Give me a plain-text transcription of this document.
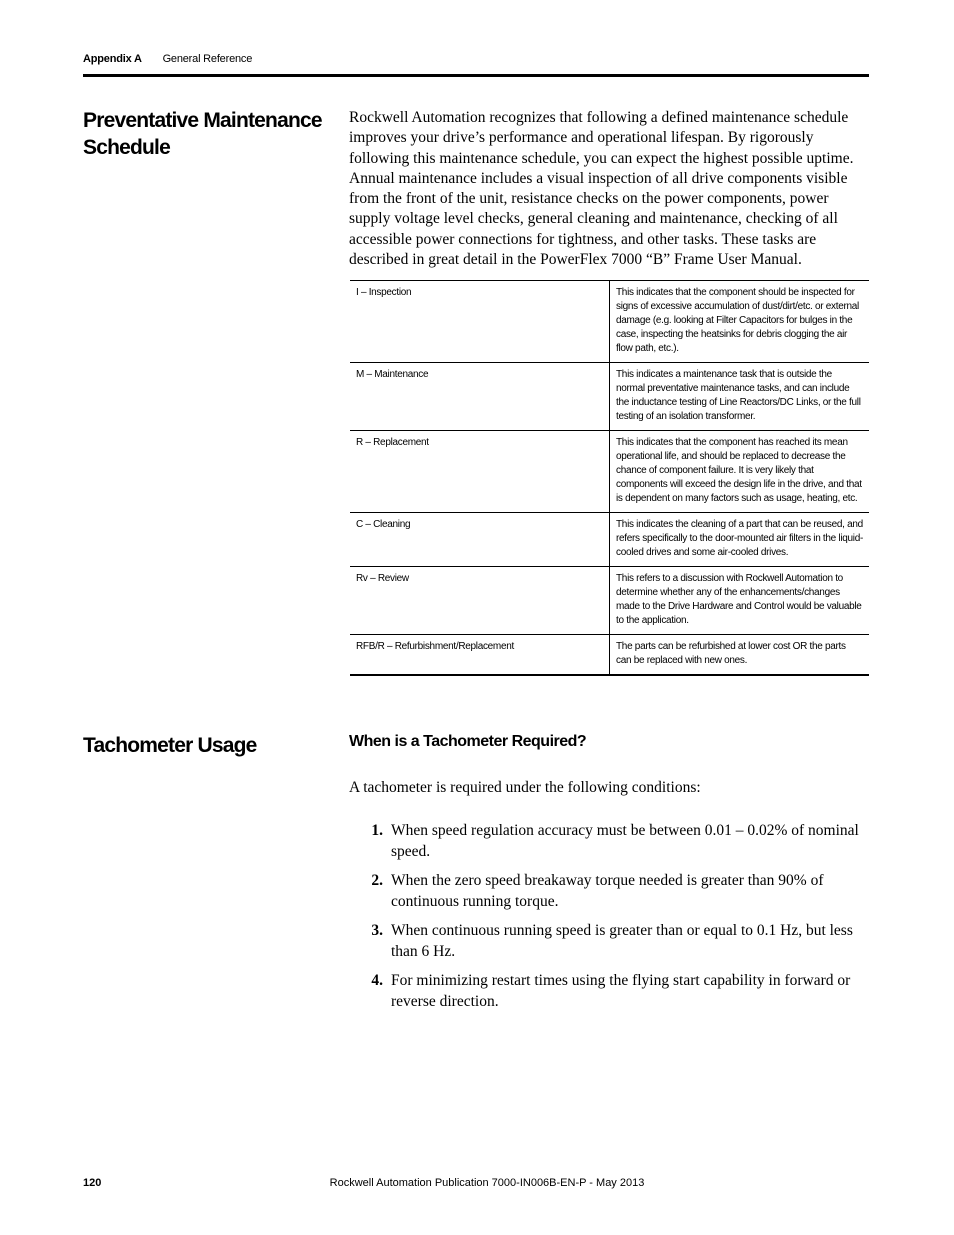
Appendix A General Reference
Preventative Maintenance Schedule

Rockwell Automation recognizes that following a defined maintenance schedule improves your drive’s performance and operational lifespan. By rigorously following this maintenance schedule, you can expect the highest possible uptime. Annual maintenance includes a visual inspection of all drive components visible from the front of the unit, resistance checks on the power components, power supply voltage level checks, general cleaning and maintenance, checking of all accessible power connections for tightness, and other tasks. These tasks are described in great detail in the PowerFlex 7000 “B” Frame User Manual.

I – Inspection	This indicates that the component should be inspected for signs of excessive accumulation of dust/dirt/etc. or external damage (e.g. looking at Filter Capacitors for bulges in the case, inspecting the heatsinks for debris clogging the air flow path, etc.).
M – Maintenance	This indicates a maintenance task that is outside the normal preventative maintenance tasks, and can include the inductance testing of Line Reactors/DC Links, or the full testing of an isolation transformer.
R – Replacement	This indicates that the component has reached its mean operational life, and should be replaced to decrease the chance of component failure. It is very likely that components will exceed the design life in the drive, and that is dependent on many factors such as usage, heating, etc.
C – Cleaning	This indicates the cleaning of a part that can be reused, and refers specifically to the door-mounted air filters in the liquid-cooled drives and some air-cooled drives.
Rv – Review	This refers to a discussion with Rockwell Automation to determine whether any of the enhancements/changes made to the Drive Hardware and Control would be valuable to the application.
RFB/R – Refurbishment/Replacement	The parts can be refurbished at lower cost OR the parts can be replaced with new ones.
Tachometer Usage	When is a Tachometer Required?

A tachometer is required under the following conditions:

1. When speed regulation accuracy must be between 0.01 – 0.02% of nominal speed.
2. When the zero speed breakaway torque needed is greater than 90% of continuous running torque.
3. When continuous running speed is greater than or equal to 0.1 Hz, but less than 6 Hz.
4. For minimizing restart times using the flying start capability in forward or reverse direction.
120	Rockwell Automation Publication 7000-IN006B-EN-P - May 2013
